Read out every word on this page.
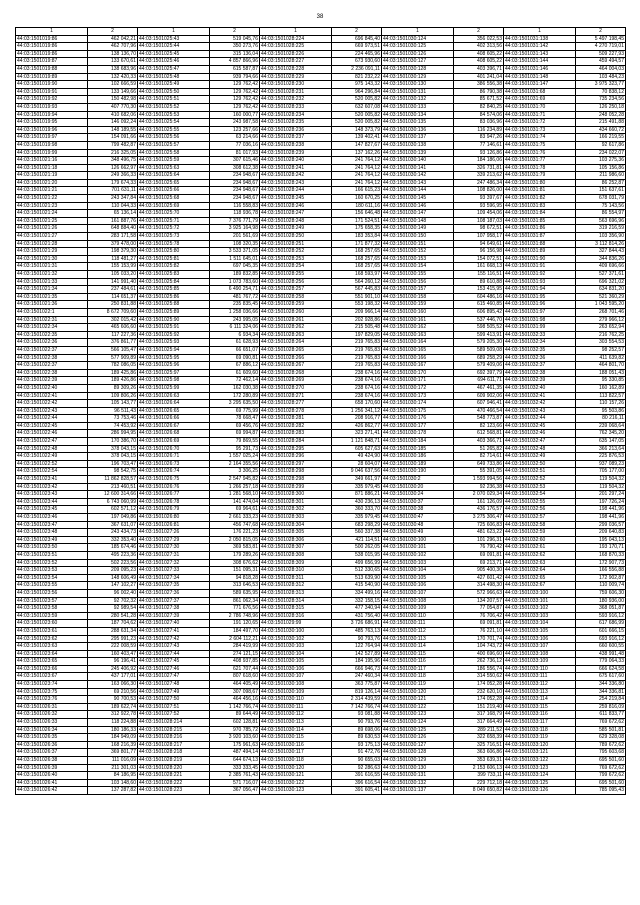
38
1	2	1	2	1	2	1	2	1	2
44:03:1501019:86	462 042,21	44:03:1501025:43	519 045,76	44:03:1501028:224	696 845,40	44:03:1501030:124	356 022,53	44:03:1501031:138	5 497 198,45
44:03:1501019:86	462 707,96	44:03:1501025:44	350 273,76	44:03:1501028:225	669 973,51	44:03:1501030:125	402 313,56	44:03:1501031:142	4 270 719,01
44:03:1501019:86	138 136,70	44:03:1501025:45	315 136,04	44:03:1501028:226	224 465,96	44:03:1501030:126	408 605,22	44:03:1501031:143	509 227,93
44:03:1501019:87	133 670,61	44:03:1501025:46	4 857 866,96	44:03:1501028:227	673 930,60	44:03:1501030:127	408 605,22	44:03:1501031:144	459 494,57
44:03:1501019:88	138 683,96	44:03:1501025:47	615 587,87	44:03:1501028:228	2 236 091,11	44:03:1501030:128	403 396,71	44:03:1501031:146	464 004,03
44:03:1501019:89	132 420,33	44:03:1501025:48	939 794,66	44:03:1501028:229	821 232,22	44:03:1501030:129	401 241,04	44:03:1501031:148	103 484,23
44:03:1501019:90	102 666,59	44:03:1501025:49	129 762,42	44:03:1501028:230	975 143,32	44:03:1501030:130	386 556,38	44:03:1501031:147	3 975 323,77
44:03:1501019:91	133 149,66	44:03:1501025:50	129 762,42	44:03:1501028:231	964 296,84	44:03:1501030:131	86 790,38	44:03:1501031:68	70 838,12
44:03:1501019:92	150 482,98	44:03:1501025:51	129 762,42	44:03:1501028:232	520 005,82	44:03:1501030:132	85 671,52	44:03:1501031:69	735 234,56
44:03:1501019:93	407 770,30	44:03:1501025:52	129 762,42	44:03:1501028:233	632 607,08	44:03:1501030:133	82 840,25	44:03:1501031:70	126 250,18
44:03:1501019:94	410 682,06	44:03:1501025:53	160 000,77	44:03:1501028:234	520 005,82	44:03:1501030:134	84 574,06	44:03:1501031:71	248 052,28
44:03:1501019:95	146 092,24	44:03:1501025:54	243 987,58	44:03:1501028:235	520 005,82	44:03:1501030:135	83 036,96	44:03:1501031:72	215 491,88
44:03:1501019:96	148 189,55	44:03:1501025:55	123 257,66	44:03:1501028:236	148 373,79	44:03:1501030:136	116 234,89	44:03:1501031:73	434 660,72
44:03:1501019:97	154 091,66	44:03:1501025:56	63 214,66	44:03:1501028:237	139 402,41	44:03:1501030:137	83 947,26	44:03:1501031:74	166 219,55
44:03:1501019:98	799 482,87	44:03:1501025:57	77 036,16	44:03:1501028:238	147 827,67	44:03:1501030:138	77 146,61	44:03:1501031:75	92 617,86
44:03:1501019:99	216 325,05	44:03:1501025:58	81 017,93	44:03:1501028:239	137 162,26	44:03:1501030:139	93 126,86	44:03:1501031:76	234 022,07
44:03:1501021:16	348 496,75	44:03:1501025:59	307 615,46	44:03:1501028:240	241 764,12	44:03:1501030:140	184 186,06	44:03:1501031:77	103 275,36
44:03:1501021:18	126 662,97	44:03:1501025:63	308 612,38	44:03:1501028:241	241 764,12	44:03:1501030:141	326 731,81	44:03:1501031:78	105 156,86
44:03:1501021:19	249 366,33	44:03:1501025:64	234 948,67	44:03:1501028:242	241 764,12	44:03:1501030:142	339 213,62	44:03:1501031:79	211 986,60
44:03:1501021:20	179 674,33	44:03:1501025:65	234 948,67	44:03:1501028:243	241 764,12	44:03:1501030:143	247 486,34	44:03:1501031:80	86 252,87
44:03:1501021:21	701 631,11	44:03:1501025:66	234 948,67	44:03:1501028:244	166 615,23	44:03:1501030:144	108 826,00	44:03:1501031:81	151 637,61
44:03:1501021:22	243 347,84	44:03:1501025:68	234 948,67	44:03:1501028:245	160 670,25	44:03:1501030:145	93 397,67	44:03:1501031:82	678 031,79
44:03:1501021:23	110 044,33	44:03:1501025:69	116 558,83	44:03:1501028:246	180 611,16	44:03:1501030:146	93 596,95	44:03:1501031:83	75 143,56
44:03:1501021:24	65 136,14	44:03:1501025:70	118 936,78	44:03:1501028:247	156 646,48	44:03:1501030:147	109 454,06	44:03:1501031:84	86 554,97
44:03:1501021:25	161 887,76	44:03:1501025:71	7 376 771,79	44:03:1501028:248	171 524,51	44:03:1501030:148	108 187,03	44:03:1501031:85	563 696,96
44:03:1501021:26	648 884,40	44:03:1501025:72	3 925 164,98	44:03:1501028:249	175 658,35	44:03:1501030:149	98 672,51	44:03:1501031:86	319 216,59
44:03:1501021:27	283 171,58	44:03:1501025:73	201 561,69	44:03:1501028:250	183 353,84	44:03:1501030:150	107 958,17	44:03:1501031:87	103 356,90
44:03:1501021:28	379 478,00	44:03:1501025:78	108 320,35	44:03:1501028:251	171 877,32	44:03:1501030:151	94 649,61	44:03:1501031:88	3 112 814,26
44:03:1501021:29	198 379,30	44:03:1501025:80	3 533 371,05	44:03:1501028:252	168 257,65	44:03:1501030:152	96 156,98	44:03:1501031:89	327 844,43
44:03:1501021:30	118 481,27	44:03:1501025:81	1 511 645,01	44:03:1501028:253	168 257,65	44:03:1501030:153	154 072,51	44:03:1501031:90	344 836,26
44:03:1501021:31	155 153,99	44:03:1501025:82	697 045,35	44:03:1501028:254	168 257,65	44:03:1501030:154	161 668,13	44:03:1501031:91	409 696,66
44:03:1501021:32	105 033,20	44:03:1501025:83	189 832,85	44:03:1501028:255	168 593,97	44:03:1501030:155	155 116,51	44:03:1501031:92	527 371,61
44:03:1501021:33	141 991,40	44:03:1501025:84	1 073 783,60	44:03:1501028:256	564 260,12	44:03:1501030:156	89 610,88	44:03:1501031:93	696 321,02
44:03:1501021:34	237 484,61	44:03:1501025:85	6 490 254,71	44:03:1501028:257	567 445,83	44:03:1501030:157	153 415,95	44:03:1501031:94	634 831,20
44:03:1501021:35	114 651,37	44:03:1501025:86	481 767,72	44:03:1501028:258	551 901,10	44:03:1501030:158	604 486,16	44:03:1501031:95	521 360,29
44:03:1501021:36	250 831,88	44:03:1501025:88	235 835,45	44:03:1501028:259	553 198,32	44:03:1501030:159	615 460,85	44:03:1501031:96	1 043 595,20
44:03:1501022:1	8 672 709,60	44:03:1501025:89	1 258 036,66	44:03:1501028:260	209 966,14	44:03:1501030:160	606 895,42	44:03:1501031:97	268 701,46
44:03:1501022:31	302 015,42	44:03:1501025:90	243 995,05	44:03:1501028:261	202 928,86	44:03:1501030:161	537 446,70	44:03:1501031:98	279 966,12
44:03:1501022:34	465 606,60	44:03:1501025:91	6 111 324,06	44:03:1501028:262	215 505,48	44:03:1501030:162	598 505,52	44:03:1501031:99	263 652,94
44:03:1501022:35	117 227,36	44:03:1501025:92	6 934,34	44:03:1501028:263	197 829,05	44:03:1501030:163	599 413,91	44:03:1501032:33	216 762,25
44:03:1501022:36	376 861,77	44:03:1501025:93	61 628,93	44:03:1501028:264	219 765,83	44:03:1501030:164	579 205,30	44:03:1501032:34	303 554,53
44:03:1501022:37	566 105,47	44:03:1501025:94	66 651,07	44:03:1501028:265	219 765,83	44:03:1501030:165	589 509,08	44:03:1501032:35	98 252,57
44:03:1501022:38	577 909,89	44:03:1501025:95	69 090,81	44:03:1501028:266	219 765,83	44:03:1501030:166	689 258,29	44:03:1501032:36	411 639,82
44:03:1501022:37	782 086,05	44:03:1501025:96	67 886,12	44:03:1501028:267	219 765,83	44:03:1501030:167	579 409,06	44:03:1501032:37	464 801,70
44:03:1501022:38	189 425,86	44:03:1501025:97	61 609,60	44:03:1501028:268	238 674,16	44:03:1501030:170	692 397,79	44:03:1501032:38	188 051,43
44:03:1501022:39	189 426,86	44:03:1501025:98	72 462,14	44:03:1501028:269	238 674,16	44:03:1501030:171	694 611,71	44:03:1501032:39	95 330,85
44:03:1501022:40	89 309,26	44:03:1501025:99	162 030,38	44:03:1501028:270	238 674,16	44:03:1501030:172	467 461,35	44:03:1501032:40	160 162,89
44:03:1501022:41	109 806,26	44:03:1501026:63	172 280,89	44:03:1501028:271	238 674,16	44:03:1501030:173	609 902,06	44:03:1501032:41	113 822,57
44:03:1501022:42	105 143,77	44:03:1501026:64	3 295 635,50	44:03:1501028:277	658 170,60	44:03:1501030:174	607 946,41	44:03:1501032:42	110 157,26
44:03:1501022:43	96 511,43	44:03:1501026:65	69 775,99	44:03:1501028:278	1 256 341,12	44:03:1501030:175	470 466,54	44:03:1501032:43	95 503,86
44:03:1501022:44	73 753,46	44:03:1501026:66	78 668,47	44:03:1501028:281	208 916,77	44:03:1501030:176	548 773,87	44:03:1501032:44	80 216,11
44:03:1501022:45	74 453,92	44:03:1501026:67	69 456,76	44:03:1501028:282	426 862,77	44:03:1501030:177	82 123,66	44:03:1501032:45	239 068,64
44:03:1501022:46	286 994,95	44:03:1501026:68	69 994,87	44:03:1501028:283	323 271,41	44:03:1501030:178	612 568,81	44:03:1501032:46	762 345,20
44:03:1501022:47	170 386,70	44:03:1501026:69	79 869,55	44:03:1501028:284	1 121 848,71	44:03:1501030:184	403 366,71	44:03:1501032:47	635 147,05
44:03:1501022:48	378 043,15	44:03:1501026:70	95 291,73	44:03:1501028:295	605 627,63	44:03:1501030:185	51 265,82	44:03:1501032:48	366 213,64
44:03:1501022:49	378 043,15	44:03:1501026:71	1 557 025,24	44:03:1501028:296	49 424,90	44:03:1501030:186	82 714,61	44:03:1501032:49	225 876,53
44:03:1501022:52	196 703,47	44:03:1501026:73	2 164 355,56	44:03:1501028:297	28 604,07	44:03:1501030:189	649 733,86	44:03:1501032:50	937 089,23
44:03:1501022:54	98 542,75	44:03:1501026:74	3 306,25	44:03:1501028:298	9 046 637,56	44:03:1501030:190	55 391,05	44:03:1501032:51	705 177,00
44:03:1501023:41	11 862 828,57	44:03:1501026:75	2 547 945,82	44:03:1501028:298	349 661,97	44:03:1501030:2	1 593 994,56	44:03:1501032:52	119 504,32
44:03:1501023:42	213 460,51	44:03:1501026:76	1 266 257,18	44:03:1501028:299	335 979,45	44:03:1501030:20	92 236,38	44:03:1501032:53	119 504,32
44:03:1501023:43	12 600 314,66	44:03:1501026:77	1 281 568,10	44:03:1501028:300	871 886,21	44:03:1501030:24	2 070 029,34	44:03:1501032:54	201 297,24
44:03:1501023:44	6 743 060,99	44:03:1501026:78	141 474,04	44:03:1501028:301	430 236,13	44:03:1501030:37	161 126,09	44:03:1501032:55	197 726,24
44:03:1501023:45	602 571,12	44:03:1501026:79	69 964,61	44:03:1501028:302	360 333,70	44:03:1501030:38	436 176,57	44:03:1501032:56	198 441,96
44:03:1501023:46	197 049,86	44:03:1501026:80	2 661 333,23	44:03:1501028:303	335 979,45	44:03:1501030:47	3 275 306,47	44:03:1501032:57	198 441,96
44:03:1501023:47	367 631,07	44:03:1501026:81	456 747,68	44:03:1501028:304	683 298,29	44:03:1501030:48	725 606,83	44:03:1501032:58	299 036,57
44:03:1501023:48	243 434,73	44:03:1501027:26	176 221,23	44:03:1501028:305	560 337,38	44:03:1501030:49	481 623,22	44:03:1501032:59	209 640,83
44:03:1501023:49	332 353,40	44:03:1501027:29	2 050 815,05	44:03:1501028:306	421 114,51	44:03:1501030:100	101 296,31	44:03:1501032:60	195 043,13
44:03:1501023:50	185 674,46	44:03:1501027:30	369 583,81	44:03:1501028:307	500 262,05	44:03:1501030:101	76 790,42	44:03:1501032:61	193 170,71
44:03:1501023:51	495 223,36	44:03:1501027:31	179 289,26	44:03:1501028:308	538 015,95	44:03:1501030:102	69 091,81	44:03:1501032:62	168 870,33
44:03:1501023:52	502 223,56	44:03:1501027:32	308 676,62	44:03:1501028:309	499 656,99	44:03:1501030:103	69 213,71	44:03:1501032:63	172 907,73
44:03:1501023:53	209 095,23	44:03:1501027:33	151 095,31	44:03:1501028:310	512 330,65	44:03:1501030:104	905 400,30	44:03:1501032:64	166 556,88
44:03:1501023:54	148 606,49	44:03:1501027:34	94 818,28	44:03:1501028:311	513 639,90	44:03:1501030:105	427 601,42	44:03:1501032:65	172 902,87
44:03:1501023:55	147 102,27	44:03:1501027:35	313 646,53	44:03:1501028:312	415 540,90	44:03:1501030:106	314 498,30	44:03:1501032:67	110 009,74
44:03:1501023:56	96 002,40	44:03:1501027:36	589 635,95	44:03:1501028:313	334 499,16	44:03:1501030:107	572 966,63	44:03:1501033:100	759 606,30
44:03:1501023:57	92 702,32	44:03:1501027:37	861 062,34	44:03:1501028:314	332 158,15	44:03:1501030:108	134 207,57	44:03:1501033:101	180 936,00
44:03:1501023:58	92 989,54	44:03:1501027:38	771 676,56	44:03:1501028:315	477 340,94	44:03:1501030:109	77 054,87	44:03:1501033:102	368 051,87
44:03:1501023:59	280 541,28	44:03:1501027:39	2 786 748,96	44:03:1501028:316	431 756,40	44:03:1501030:110	76 706,42	44:03:1501033:103	593 916,12
44:03:1501023:60	187 704,62	44:03:1501027:40	191 120,65	44:03:1501029:99	3 726 686,91	44:03:1501030:111	69 091,81	44:03:1501033:104	617 686,99
44:03:1501023:61	288 631,34	44:03:1501027:41	184 497,70	44:03:1501030:100	485 763,13	44:03:1501030:112	76 221,10	44:03:1501033:105	601 666,15
44:03:1501023:62	295 991,23	44:03:1501027:42	2 604 112,21	44:03:1501030:102	90 793,76	44:03:1501030:113	170 701,74	44:03:1501033:106	693 916,12
44:03:1501023:63	222 008,59	44:03:1501027:43	284 419,99	44:03:1501030:103	122 764,94	44:03:1501030:114	104 743,72	44:03:1501033:107	660 600,55
44:03:1501023:64	160 403,47	44:03:1501027:44	274 121,15	44:03:1501030:104	142 527,89	44:03:1501030:115	400 696,60	44:03:1501033:108	438 991,48
44:03:1501023:65	96 196,41	44:03:1501027:45	408 937,85	44:03:1501030:105	184 195,96	44:03:1501030:116	262 736,12	44:03:1501033:109	779 064,33
44:03:1501023:66	245 406,92	44:03:1501027:46	621 707,44	44:03:1501030:106	666 946,73	44:03:1501030:117	186 556,74	44:03:1501033:110	666 624,58
44:03:1501023:67	437 177,01	44:03:1501027:47	807 618,60	44:03:1501030:107	247 460,34	44:03:1501030:118	314 550,62	44:03:1501033:111	675 617,60
44:03:1501023:74	163 066,30	44:03:1501027:48	464 405,49	44:03:1501030:108	363 775,87	44:03:1501030:119	174 052,28	44:03:1501033:112	344 336,80
44:03:1501023:75	69 210,56	44:03:1501027:49	307 098,67	44:03:1501030:109	819 126,14	44:03:1501030:120	232 620,10	44:03:1501033:113	344 336,81
44:03:1501023:76	90 700,53	44:03:1501027:50	464 456,16	44:03:1501030:110	2 314 439,59	44:03:1501030:121	174 052,28	44:03:1501033:114	254 219,84
44:03:1501026:31	189 622,74	44:03:1501027:51	1 142 766,74	44:03:1501030:111	7 142 766,74	44:03:1501030:122	151 219,40	44:03:1501033:115	259 816,09
44:03:1501026:32	312 922,78	44:03:1501027:52	89 644,49	44:03:1501030:112	93 081,88	44:03:1501030:123	317 168,79	44:03:1501033:116	611 833,77
44:03:1501026:33	118 224,88	44:03:1501028:214	602 128,81	44:03:1501030:113	90 793,76	44:03:1501030:124	317 664,49	44:03:1501033:117	769 672,62
44:03:1501026:34	180 186,33	44:03:1501028:215	970 785,72	44:03:1501030:114	89 698,06	44:03:1501030:125	289 211,52	44:03:1501033:118	585 501,81
44:03:1501026:35	184 949,09	44:03:1501028:216	3 920 103,60	44:03:1501030:115	89 630,53	44:03:1501030:126	322 658,39	44:03:1501033:119	629 328,08
44:03:1501026:36	168 216,39	44:03:1501028:217	175 961,63	44:03:1501030:116	93 175,13	44:03:1501030:127	325 716,51	44:03:1501033:120	789 672,62
44:03:1501026:37	369 801,77	44:03:1501028:218	487 494,14	44:03:1501030:117	91 472,76	44:03:1501030:128	363 606,86	44:03:1501033:121	795 603,68
44:03:1501026:38	111 016,09	44:03:1501028:219	644 674,13	44:03:1501030:118	90 655,03	44:03:1501030:129	353 639,31	44:03:1501033:122	695 501,60
44:03:1501026:39	211 301,03	44:03:1501028:220	333 333,45	44:03:1501030:120	92 286,63	44:03:1501030:130	2 153 606,13	44:03:1501033:123	769 672,62
44:03:1501026:40	84 186,95	44:03:1501028:221	2 385 761,43	44:03:1501030:121	391 616,55	44:03:1501030:131	399 733,11	44:03:1501033:124	799 672,62
44:03:1501026:41	103 148,60	44:03:1501028:222	571 716,07	44:03:1501030:122	396 616,54	44:03:1501030:132	229 712,18	44:03:1501033:125	695 501,60
44:03:1501026:42	137 287,82	44:03:1501028:223	367 056,47	44:03:1501030:123	391 605,41	44:03:1501031:137	8 049 650,82	44:03:1501033:126	785 095,43
